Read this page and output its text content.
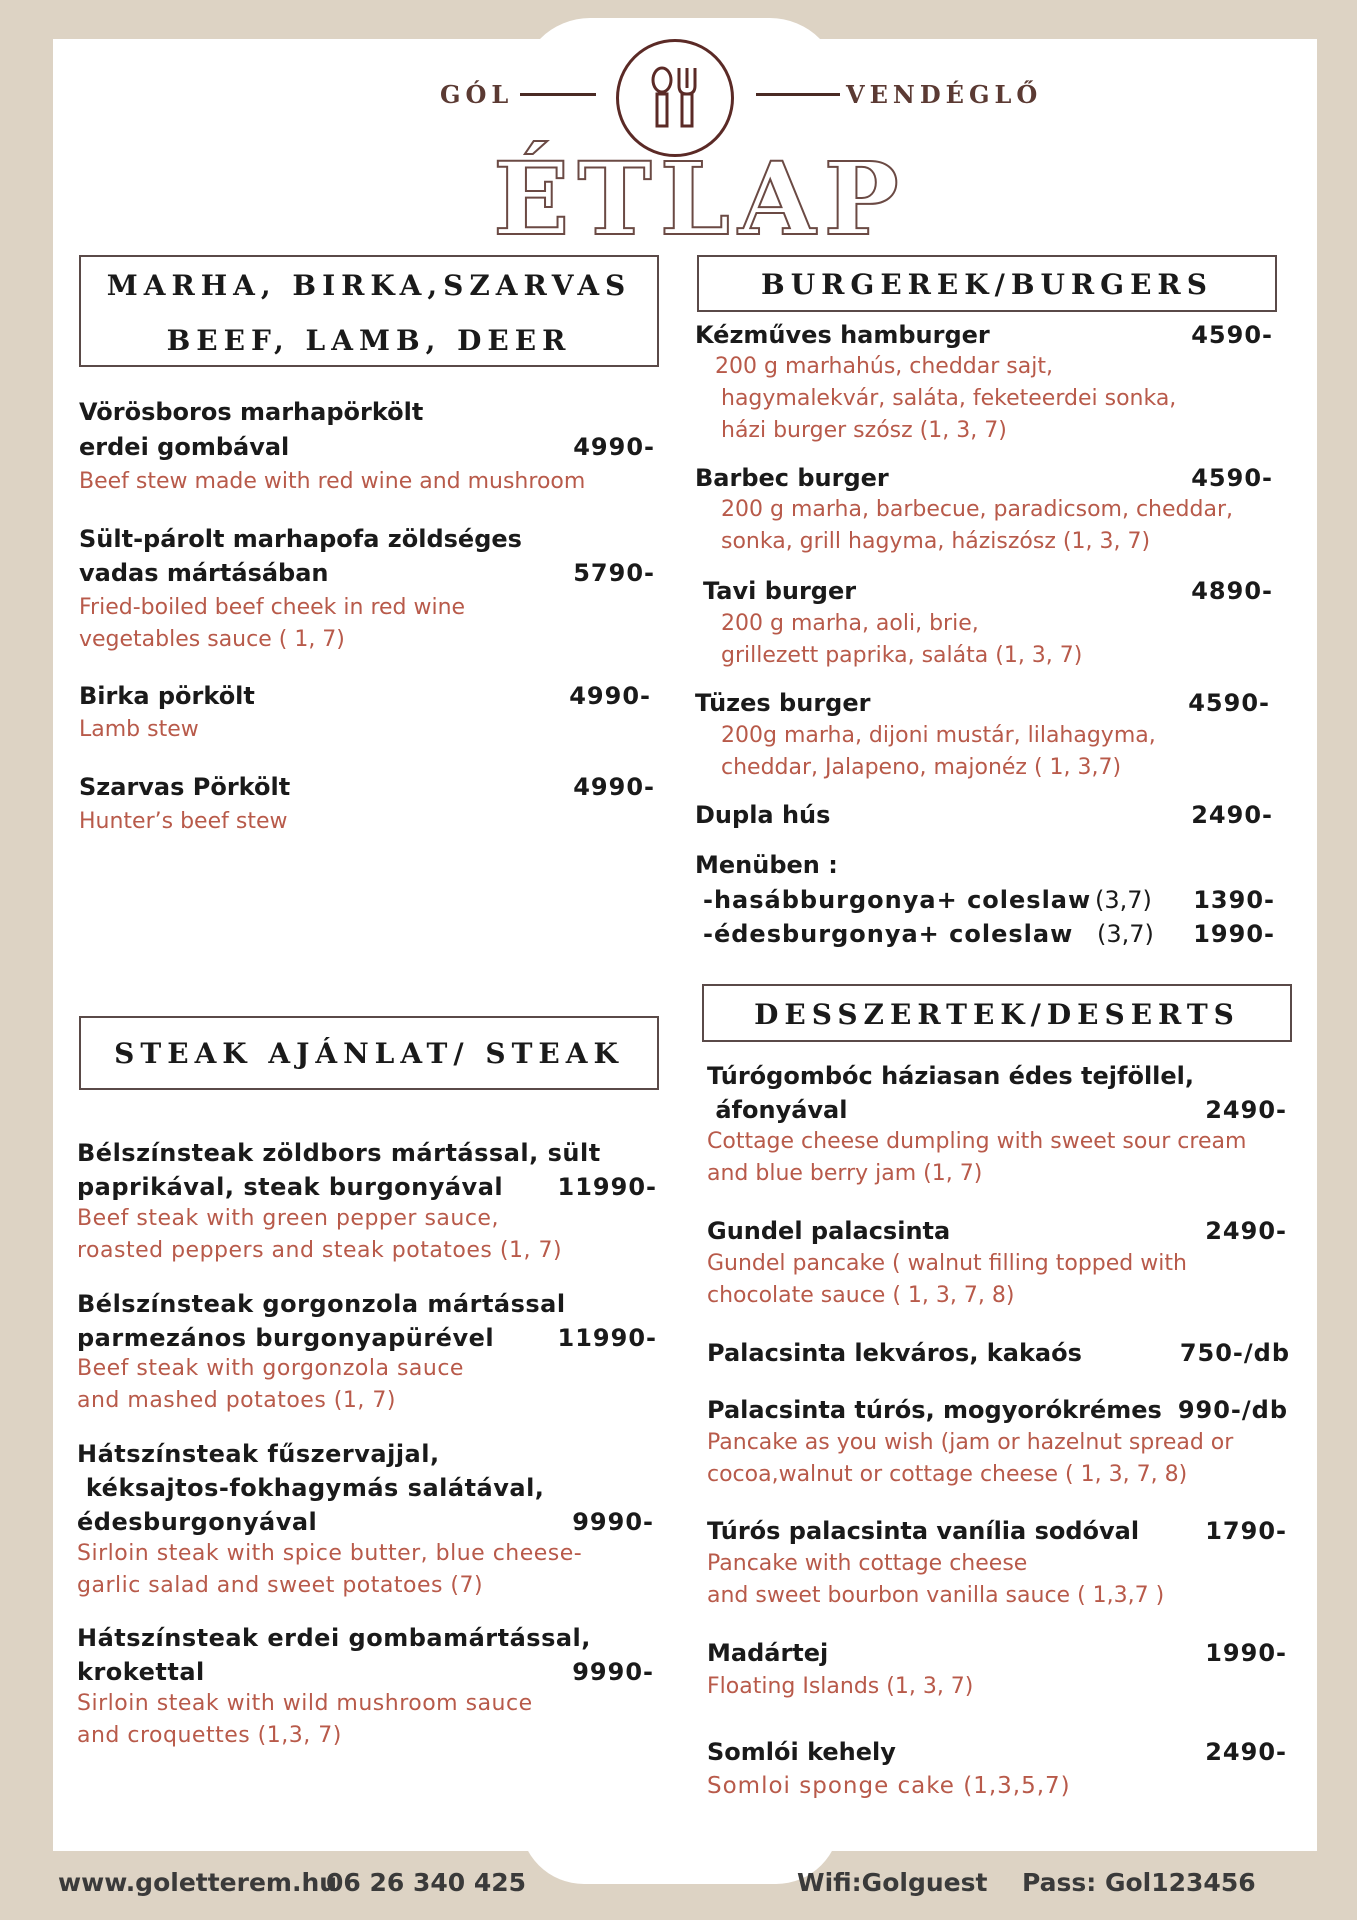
GÓL	VENDÉGLŐ
ÉTLAP
MARHA, BIRKA,SZARVAS
BEEF, LAMB, DEER
Vörösboros marhapörkölt
erdei gombával	4990-
Beef stew made with red wine and mushroom
Sült-párolt marhapofa zöldséges
vadas mártásában	5790-
Fried-boiled beef cheek in red wine
vegetables sauce ( 1, 7)
Birka pörkölt	4990-
Lamb stew
Szarvas Pörkölt	4990-
Hunter’s beef stew
BURGEREK/BURGERS
Kézműves hamburger	4590-
200 g marhahús, cheddar sajt,
hagymalekvár, saláta, feketeerdei sonka,
házi burger szósz (1, 3, 7)
Barbec burger	4590-
200 g marha, barbecue, paradicsom, cheddar,
sonka, grill hagyma, háziszósz (1, 3, 7)
Tavi burger	4890-
200 g marha, aoli, brie,
grillezett paprika, saláta (1, 3, 7)
Tüzes burger	4590-
200g marha, dijoni mustár, lilahagyma,
cheddar, Jalapeno, majonéz ( 1, 3,7)
Dupla hús	2490-
Menüben :
-hasábburgonya+ coleslaw (3,7)	1390-
-édesburgonya+ coleslaw (3,7)	1990-
STEAK AJÁNLAT/ STEAK
Bélszínsteak zöldbors mártással, sült
paprikával, steak burgonyával	11990-
Beef steak with green pepper sauce,
roasted peppers and steak potatoes (1, 7)
Bélszínsteak gorgonzola mártással
parmezános burgonyapürével	11990-
Beef steak with gorgonzola sauce
and mashed potatoes (1, 7)
Hátszínsteak fűszervajjal,
kéksajtos-fokhagymás salátával,
édesburgonyával	9990-
Sirloin steak with spice butter, blue cheese-
garlic salad and sweet potatoes (7)
Hátszínsteak erdei gombamártással,
krokettal	9990-
Sirloin steak with wild mushroom sauce
and croquettes (1,3, 7)
DESSZERTEK/DESERTS
Túrógombóc háziasan édes tejföllel,
áfonyával	2490-
Cottage cheese dumpling with sweet sour cream
and blue berry jam (1, 7)
Gundel palacsinta	2490-
Gundel pancake ( walnut filling topped with
chocolate sauce ( 1, 3, 7, 8)
Palacsinta lekváros, kakaós	750-/db
Palacsinta túrós, mogyorókrémes 990-/db
Pancake as you wish (jam or hazelnut spread or
cocoa,walnut or cottage cheese ( 1, 3, 7, 8)
Túrós palacsinta vanília sodóval	1790-
Pancake with cottage cheese
and sweet bourbon vanilla sauce ( 1,3,7 )
Madártej	1990-
Floating Islands (1, 3, 7)
Somlói kehely	2490-
Somloi sponge cake (1,3,5,7)
www.goletterem.hu
06 26 340 425	Wifi:Golguest Pass: Gol123456
